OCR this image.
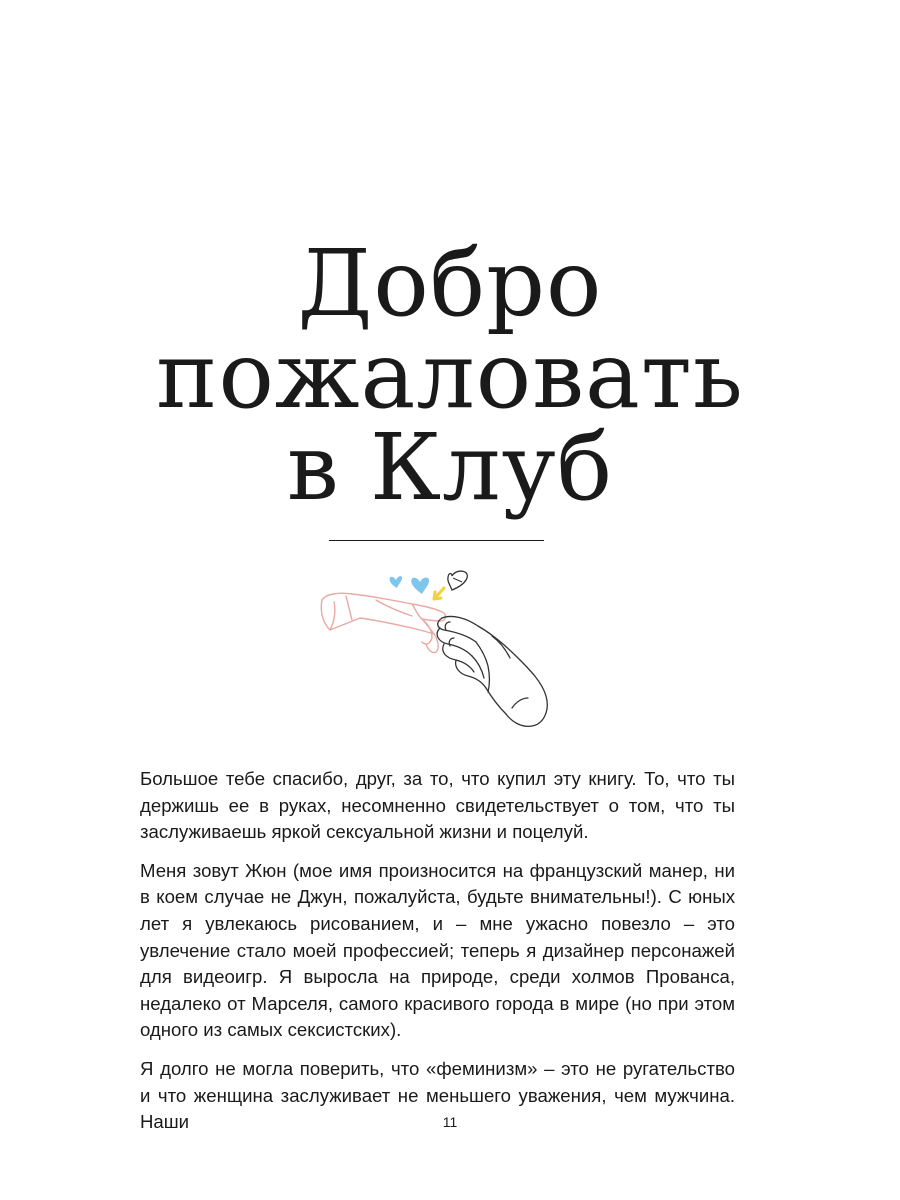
Добро
пожаловать
в Клуб

Большое тебе спасибо, друг, за то, что купил эту книгу. То, что ты держишь ее в руках, несомненно свидетельствует о том, что ты заслуживаешь яркой сексуальной жизни и поцелуй.

Меня зовут Жюн (мое имя произносится на французский манер, ни в коем случае не Джун, пожалуйста, будьте внимательны!). С юных лет я увлекаюсь рисованием, и – мне ужасно повезло – это увлечение стало моей профессией; теперь я дизайнер персонажей для видеоигр. Я выросла на природе, среди холмов Прованса, недалеко от Марселя, самого красивого города в мире (но при этом одного из самых сексистских).

Я долго не могла поверить, что «феминизм» – это не ругательство и что женщина заслуживает не меньшего уважения, чем мужчина. Наши	11
